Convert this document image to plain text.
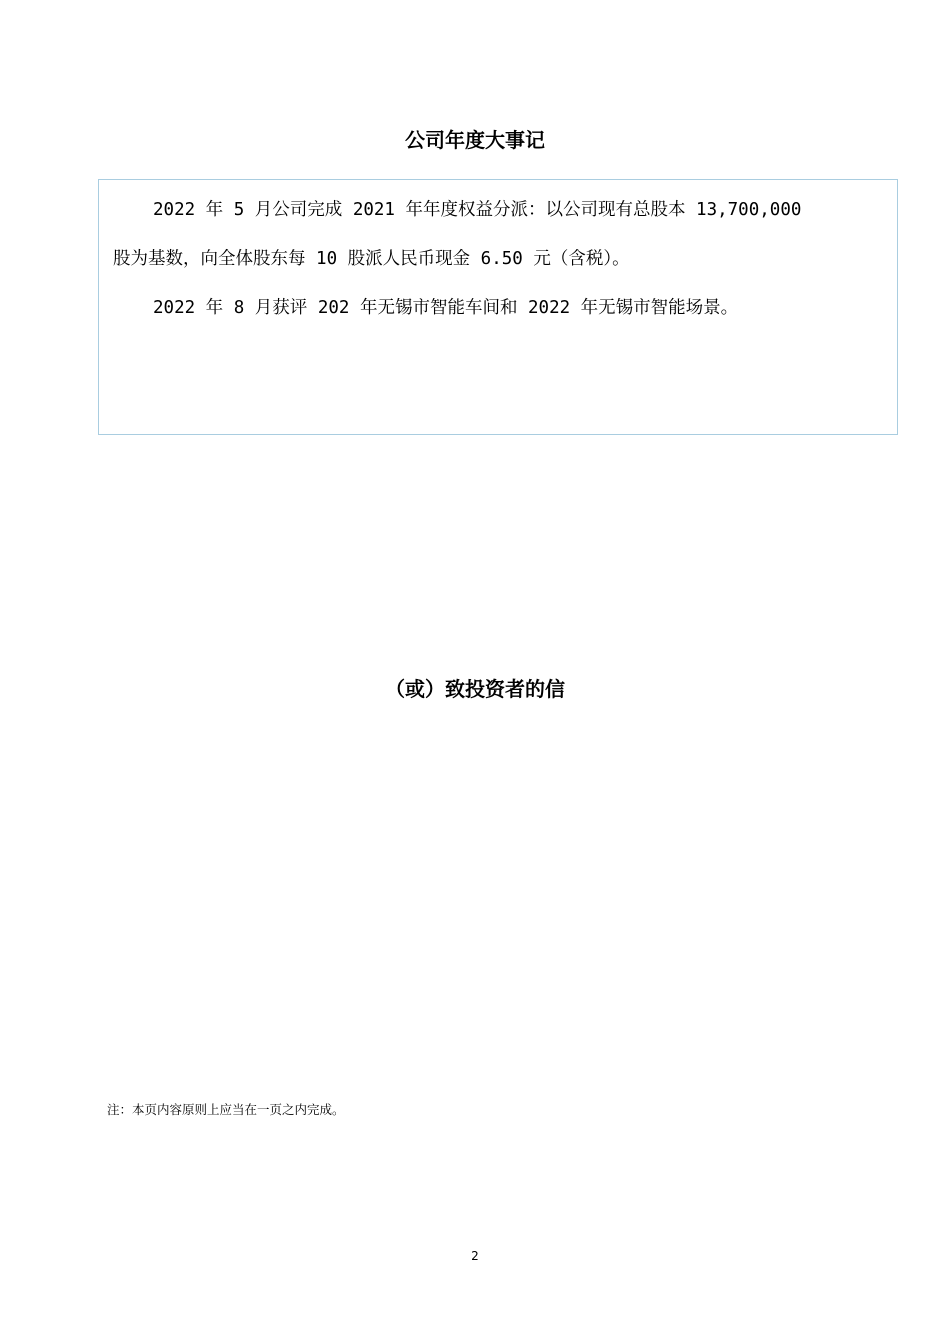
公司年度大事记

2022 年 5 月公司完成 2021 年年度权益分派：以公司现有总股本 13,700,000

股为基数，向全体股东每 10 股派人民币现金 6.50 元（含税）。

2022 年 8 月获评 202 年无锡市智能车间和 2022 年无锡市智能场景。

（或）致投资者的信

注：本页内容原则上应当在一页之内完成。

2
